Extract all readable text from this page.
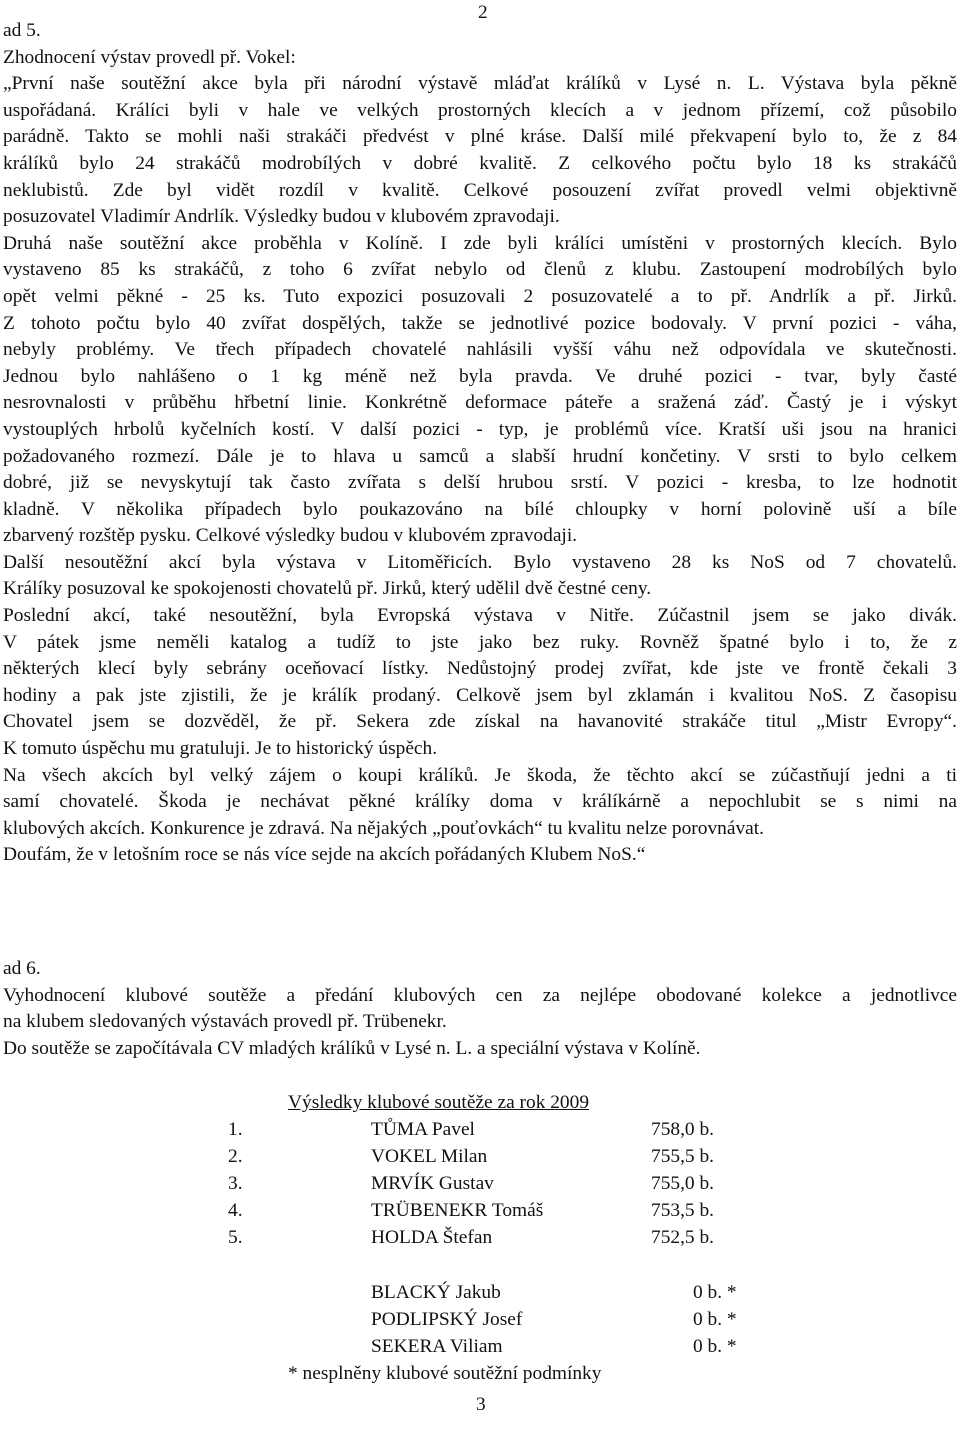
2
ad 5.
Zhodnocení výstav provedl př. Vokel:
„První naše soutěžní akce byla při národní výstavě mláďat králíků v Lysé n. L. Výstava byla pěkně
uspořádaná. Králíci byli v hale ve velkých prostorných klecích a v jednom přízemí, což působilo
parádně. Takto se mohli naši strakáči předvést v plné kráse. Další milé překvapení bylo to, že z 84
králíků bylo 24 strakáčů modrobílých v dobré kvalitě. Z celkového počtu bylo 18 ks strakáčů
neklubistů. Zde byl vidět rozdíl v kvalitě. Celkové posouzení zvířat provedl velmi objektivně
posuzovatel Vladimír Andrlík. Výsledky budou v klubovém zpravodaji.
Druhá naše soutěžní akce proběhla v Kolíně. I zde byli králíci umístěni v prostorných klecích. Bylo
vystaveno 85 ks strakáčů, z toho 6 zvířat nebylo od členů z klubu. Zastoupení modrobílých bylo
opět velmi pěkné - 25 ks. Tuto expozici posuzovali 2 posuzovatelé a to př. Andrlík a př. Jirků.
Z tohoto počtu bylo 40 zvířat dospělých, takže se jednotlivé pozice bodovaly. V první pozici - váha,
nebyly problémy. Ve třech případech chovatelé nahlásili vyšší váhu než odpovídala ve skutečnosti.
Jednou bylo nahlášeno o 1 kg méně než byla pravda. Ve druhé pozici - tvar, byly časté
nesrovnalosti v průběhu hřbetní linie. Konkrétně deformace páteře a sražená záď. Častý je i výskyt
vystouplých hrbolů kyčelních kostí. V další pozici - typ, je problémů více. Kratší uši jsou na hranici
požadovaného rozmezí. Dále je to hlava u samců a slabší hrudní končetiny. V srsti to bylo celkem
dobré, již se nevyskytují tak často zvířata s delší hrubou srstí. V pozici - kresba, to lze hodnotit
kladně. V několika případech bylo poukazováno na bílé chloupky v horní polovině uší a bíle
zbarvený rozštěp pysku. Celkové výsledky budou v klubovém zpravodaji.
Další nesoutěžní akcí byla výstava v Litoměřicích. Bylo vystaveno 28 ks NoS od 7 chovatelů.
Králíky posuzoval ke spokojenosti chovatelů př. Jirků, který udělil dvě čestné ceny.
Poslední akcí, také nesoutěžní, byla Evropská výstava v Nitře. Zúčastnil jsem se jako divák.
V pátek jsme neměli katalog a tudíž to jste jako bez ruky. Rovněž špatné bylo i to, že z
některých klecí byly sebrány oceňovací lístky. Nedůstojný prodej zvířat, kde jste ve frontě čekali 3
hodiny a pak jste zjistili, že je králík prodaný. Celkově jsem byl zklamán i kvalitou NoS. Z časopisu
Chovatel jsem se dozvěděl, že př. Sekera zde získal na havanovité strakáče titul „Mistr Evropy“.
K tomuto úspěchu mu gratuluji. Je to historický úspěch.
Na všech akcích byl velký zájem o koupi králíků. Je škoda, že těchto akcí se zúčastňují jedni a ti
samí chovatelé. Škoda je nechávat pěkné králíky doma v králíkárně a nepochlubit se s nimi na
klubových akcích. Konkurence je zdravá. Na nějakých „pouťovkách“ tu kvalitu nelze porovnávat.
Doufám, že v letošním roce se nás více sejde na akcích pořádaných Klubem NoS.“
ad 6.
Vyhodnocení klubové soutěže a předání klubových cen za nejlépe obodované kolekce a jednotlivce
na klubem sledovaných výstavách provedl př. Trübenekr.
Do soutěže se započítávala CV mladých králíků v Lysé n. L. a speciální výstava v Kolíně.
Výsledky klubové soutěže za rok 2009
1.	TŮMA Pavel	758,0 b.
2.	VOKEL Milan	755,5 b.
3.	MRVÍK Gustav	755,0 b.
4.	TRÜBENEKR Tomáš	753,5 b.
5.	HOLDA Štefan	752,5 b.
BLACKÝ Jakub	0 b. *
PODLIPSKÝ Josef	0 b. *
SEKERA Viliam	0 b. *
* nesplněny klubové soutěžní podmínky
3
